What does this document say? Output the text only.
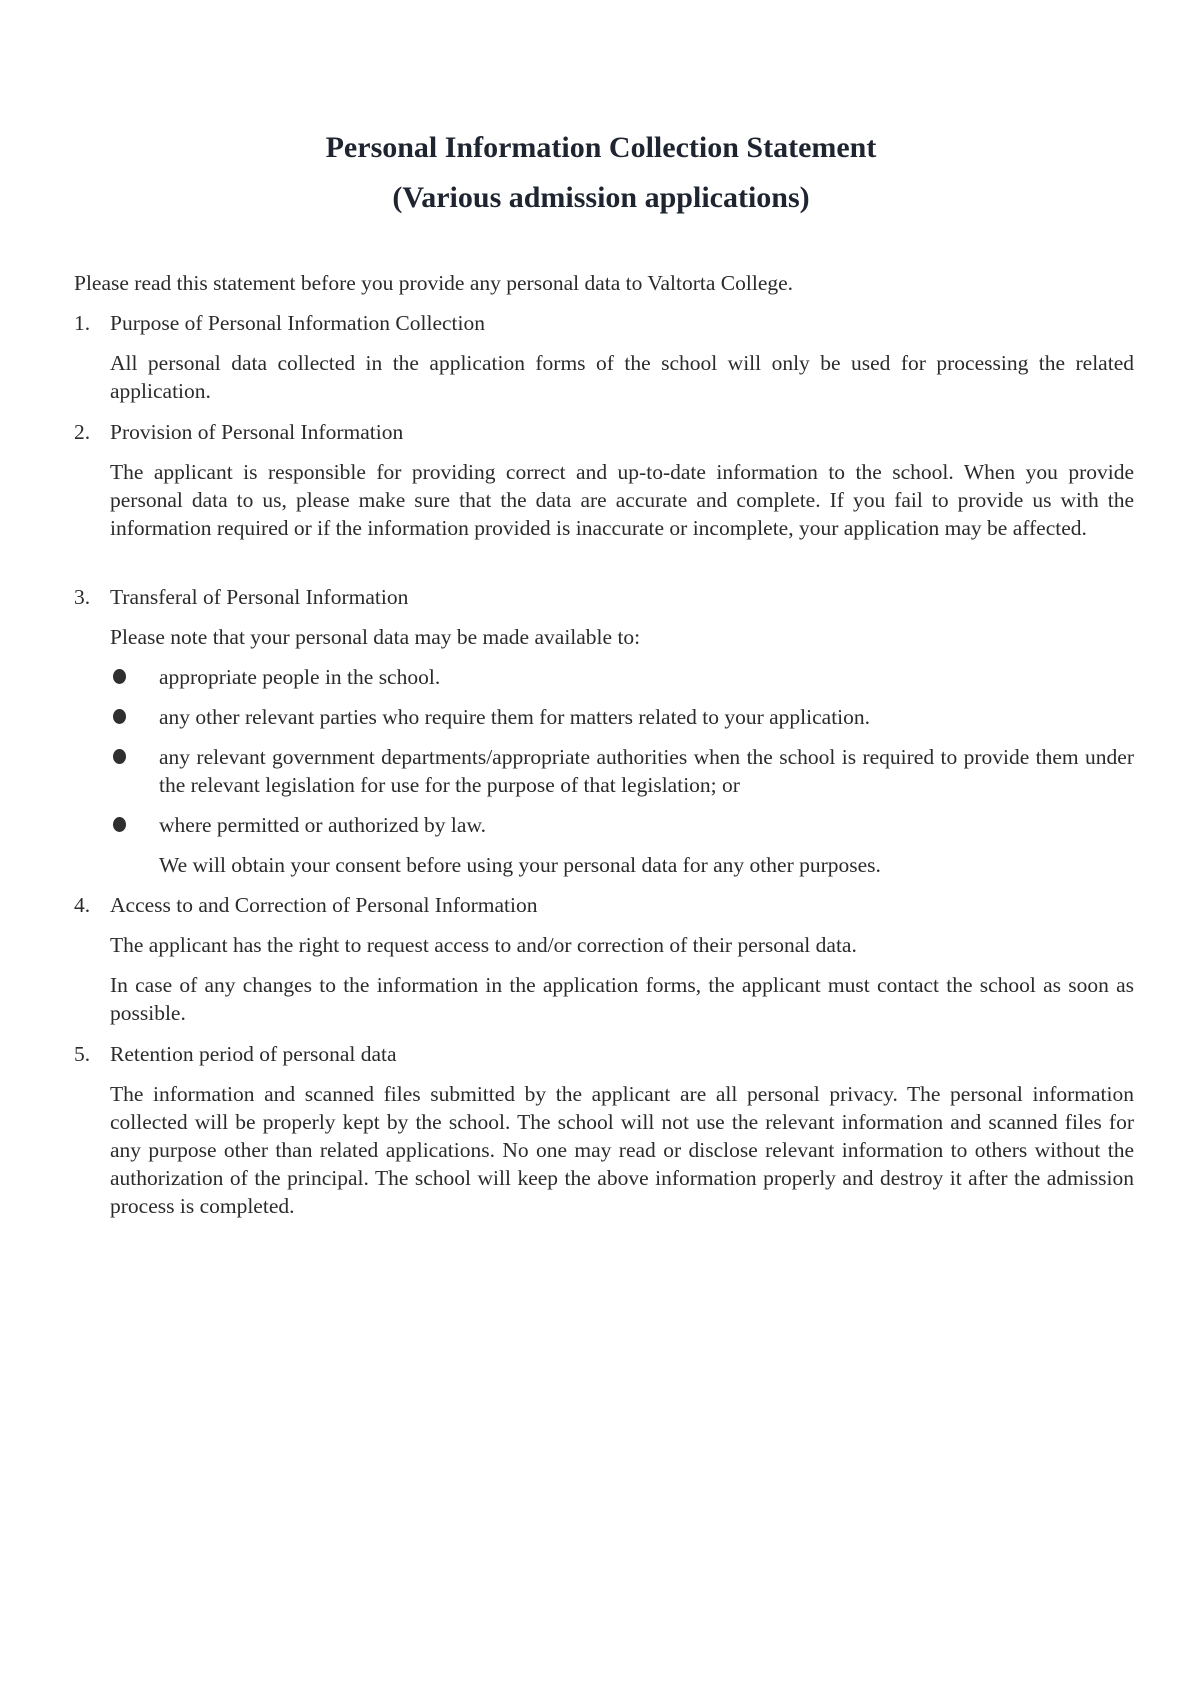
Personal Information Collection Statement
(Various admission applications)
Please read this statement before you provide any personal data to Valtorta College.
1. Purpose of Personal Information Collection
All personal data collected in the application forms of the school will only be used for processing the related application.
2. Provision of Personal Information
The applicant is responsible for providing correct and up-to-date information to the school. When you provide personal data to us, please make sure that the data are accurate and complete. If you fail to provide us with the information required or if the information provided is inaccurate or incomplete, your application may be affected.
3. Transferal of Personal Information
Please note that your personal data may be made available to:
appropriate people in the school.
any other relevant parties who require them for matters related to your application.
any relevant government departments/appropriate authorities when the school is required to provide them under the relevant legislation for use for the purpose of that legislation; or
where permitted or authorized by law.
We will obtain your consent before using your personal data for any other purposes.
4. Access to and Correction of Personal Information
The applicant has the right to request access to and/or correction of their personal data.
In case of any changes to the information in the application forms, the applicant must contact the school as soon as possible.
5. Retention period of personal data
The information and scanned files submitted by the applicant are all personal privacy. The personal information collected will be properly kept by the school. The school will not use the relevant information and scanned files for any purpose other than related applications. No one may read or disclose relevant information to others without the authorization of the principal. The school will keep the above information properly and destroy it after the admission process is completed.
